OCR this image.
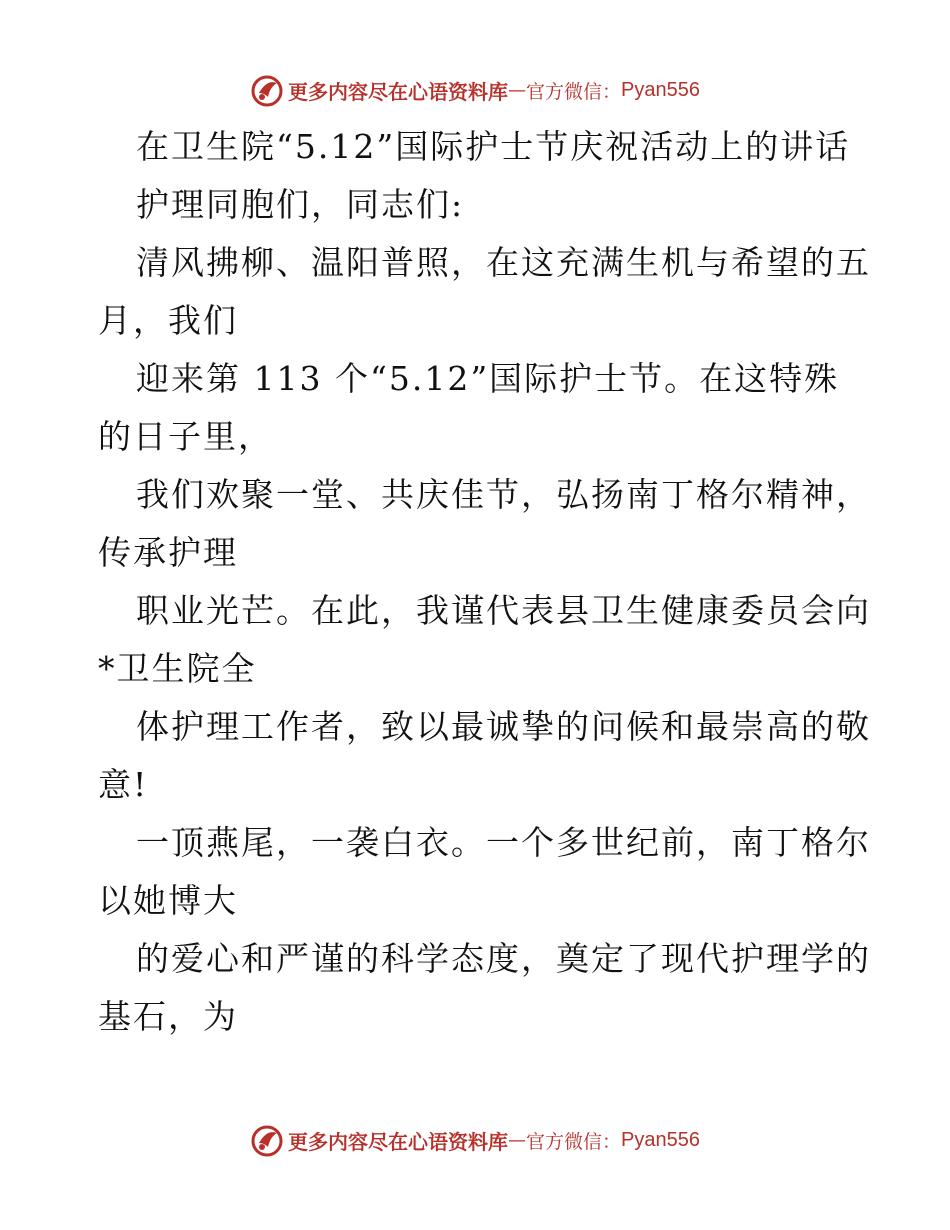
更多内容尽在心语资料库 — 官方微信： Pyan556
在卫生院“5.12”国际护士节庆祝活动上的讲话
护理同胞们，同志们:
清风拂柳、温阳普照，在这充满生机与希望的五
月，我们
迎来第 113 个“5.12”国际护士节。在这特殊
的日子里，
我们欢聚一堂、共庆佳节，弘扬南丁格尔精神，
传承护理
职业光芒。在此，我谨代表县卫生健康委员会向
*卫生院全
体护理工作者，致以最诚挚的问候和最崇高的敬
意!
一顶燕尾，一袭白衣。一个多世纪前，南丁格尔
以她博大
的爱心和严谨的科学态度，奠定了现代护理学的
基石，为
更多内容尽在心语资料库 — 官方微信： Pyan556
